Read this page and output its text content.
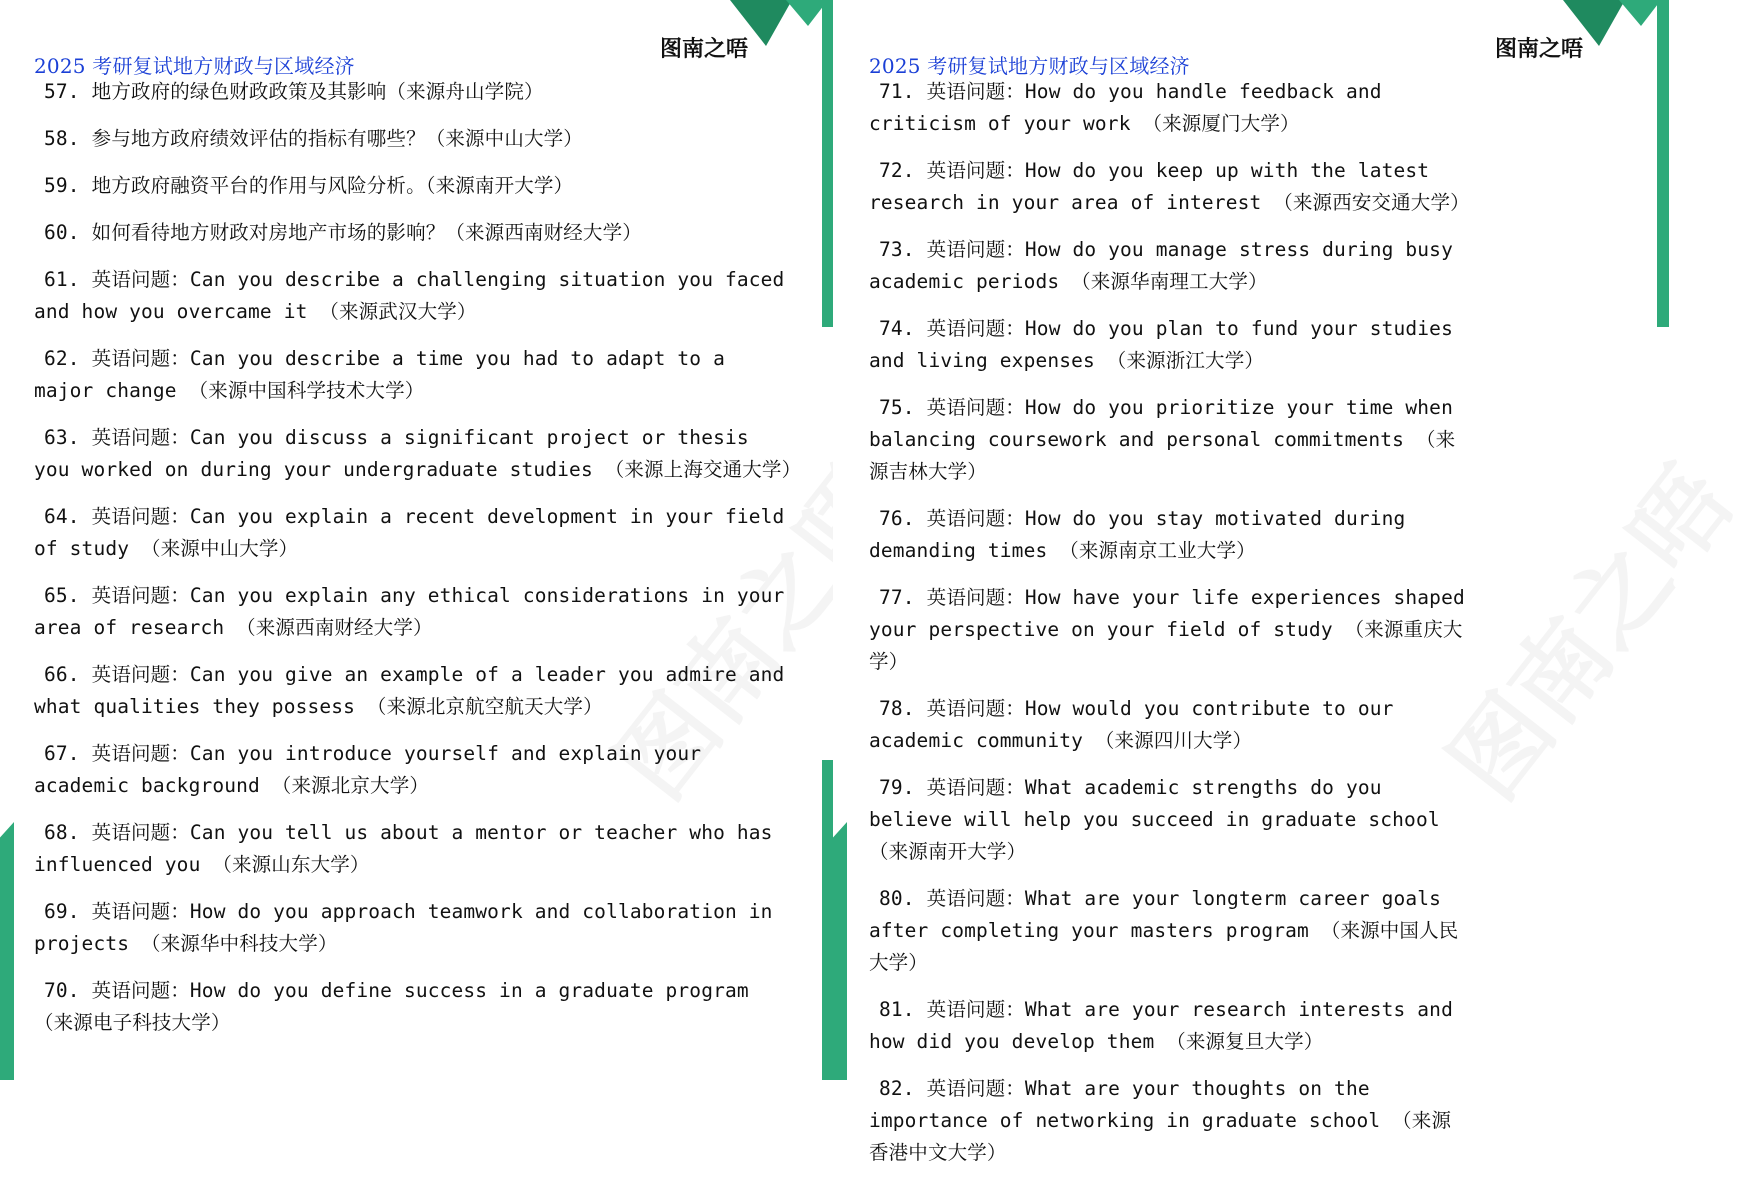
2025 考研复试地方财政与区域经济
图南之唔
57. 地方政府的绿色财政政策及其影响（来源舟山学院）
58. 参与地方政府绩效评估的指标有哪些？（来源中山大学）
59. 地方政府融资平台的作用与风险分析。（来源南开大学）
60. 如何看待地方财政对房地产市场的影响？（来源西南财经大学）
61. 英语问题：Can you describe a challenging situation you faced and how you overcame it （来源武汉大学）
62. 英语问题：Can you describe a time you had to adapt to a major change （来源中国科学技术大学）
63. 英语问题：Can you discuss a significant project or thesis you worked on during your undergraduate studies （来源上海交通大学）
64. 英语问题：Can you explain a recent development in your field of study （来源中山大学）
65. 英语问题：Can you explain any ethical considerations in your area of research （来源西南财经大学）
66. 英语问题：Can you give an example of a leader you admire and what qualities they possess （来源北京航空航天大学）
67. 英语问题：Can you introduce yourself and explain your academic background （来源北京大学）
68. 英语问题：Can you tell us about a mentor or teacher who has influenced you （来源山东大学）
69. 英语问题：How do you approach teamwork and collaboration in projects （来源华中科技大学）
70. 英语问题：How do you define success in a graduate program （来源电子科技大学）
2025 考研复试地方财政与区域经济
图南之唔
71. 英语问题：How do you handle feedback and criticism of your work （来源厦门大学）
72. 英语问题：How do you keep up with the latest research in your area of interest （来源西安交通大学）
73. 英语问题：How do you manage stress during busy academic periods （来源华南理工大学）
74. 英语问题：How do you plan to fund your studies and living expenses （来源浙江大学）
75. 英语问题：How do you prioritize your time when balancing coursework and personal commitments （来源吉林大学）
76. 英语问题：How do you stay motivated during demanding times （来源南京工业大学）
77. 英语问题：How have your life experiences shaped your perspective on your field of study （来源重庆大学）
78. 英语问题：How would you contribute to our academic community （来源四川大学）
79. 英语问题：What academic strengths do you believe will help you succeed in graduate school （来源南开大学）
80. 英语问题：What are your longterm career goals after completing your masters program （来源中国人民大学）
81. 英语问题：What are your research interests and how did you develop them （来源复旦大学）
82. 英语问题：What are your thoughts on the importance of networking in graduate school （来源香港中文大学）
